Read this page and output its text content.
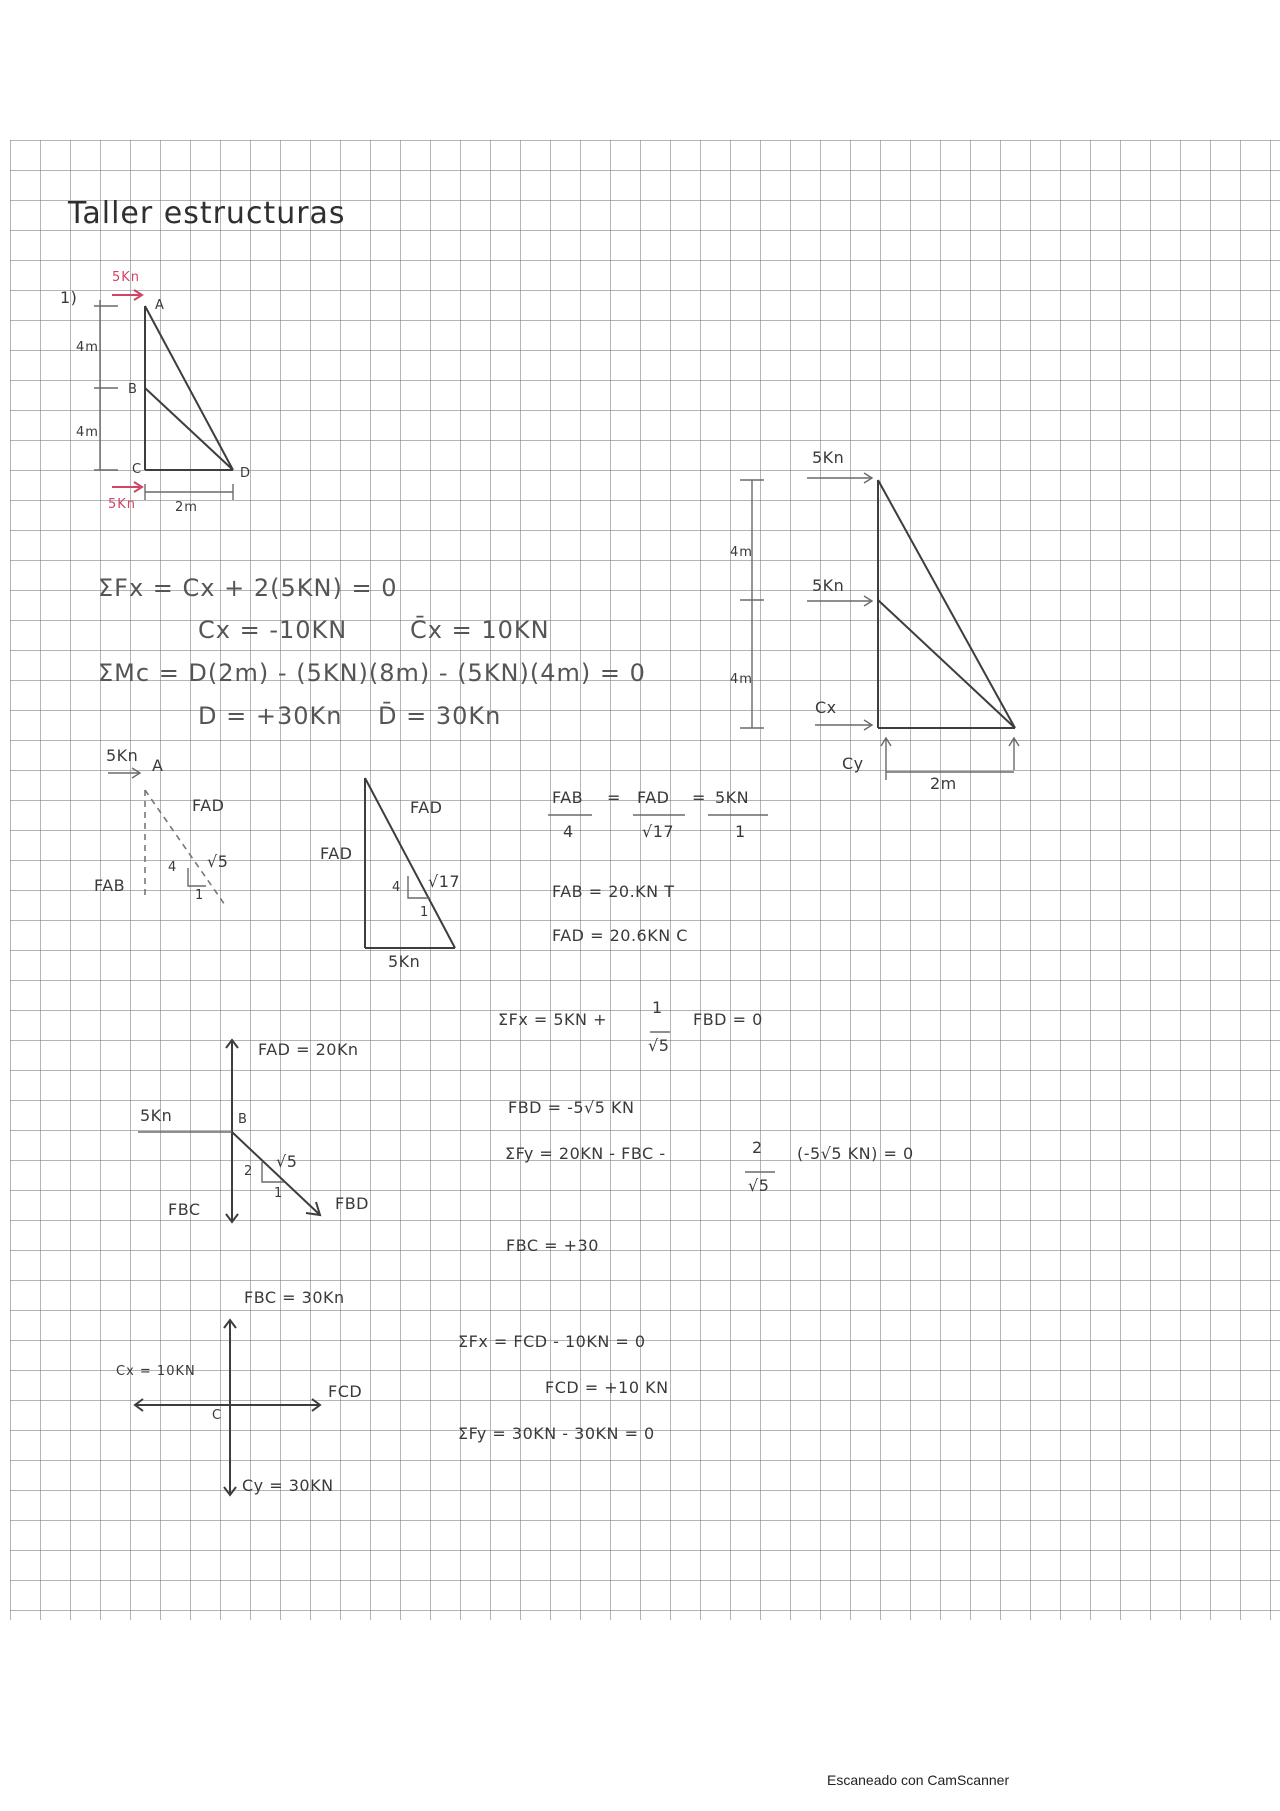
Taller estructuras
1)
5Kn
A
B
C	D
4m
4m
5Kn	2m
ΣFx = Cx + 2(5KN) = 0
Cx = -10KN	C̄x = 10KN
ΣMc = D(2m) - (5KN)(8m) - (5KN)(4m) = 0
D = +30Kn D̄ = 30Kn
5Kn
5Kn
Cx
Cy
4m
4m
2m
5Kn
A
FAD
FAB
4
1
√5
FAD
FAD
4
1
√17
5Kn
FAB
4
= FAD
√17
= 5KN
1
FAB = 20.KN T
FAD = 20.6KN C
FAD = 20Kn
5Kn	B
2
√5
1
FBC	FBD
ΣFx = 5KN +
1
√5
FBD = 0
FBD = -5√5 KN
ΣFy = 20KN - FBC -	2
√5
(-5√5 KN) = 0
FBC = +30
FBC = 30Kn
Cx = 10KN
C
FCD
Cy = 30KN
ΣFx = FCD - 10KN = 0
FCD = +10 KN
ΣFy = 30KN - 30KN = 0
Escaneado con CamScanner
